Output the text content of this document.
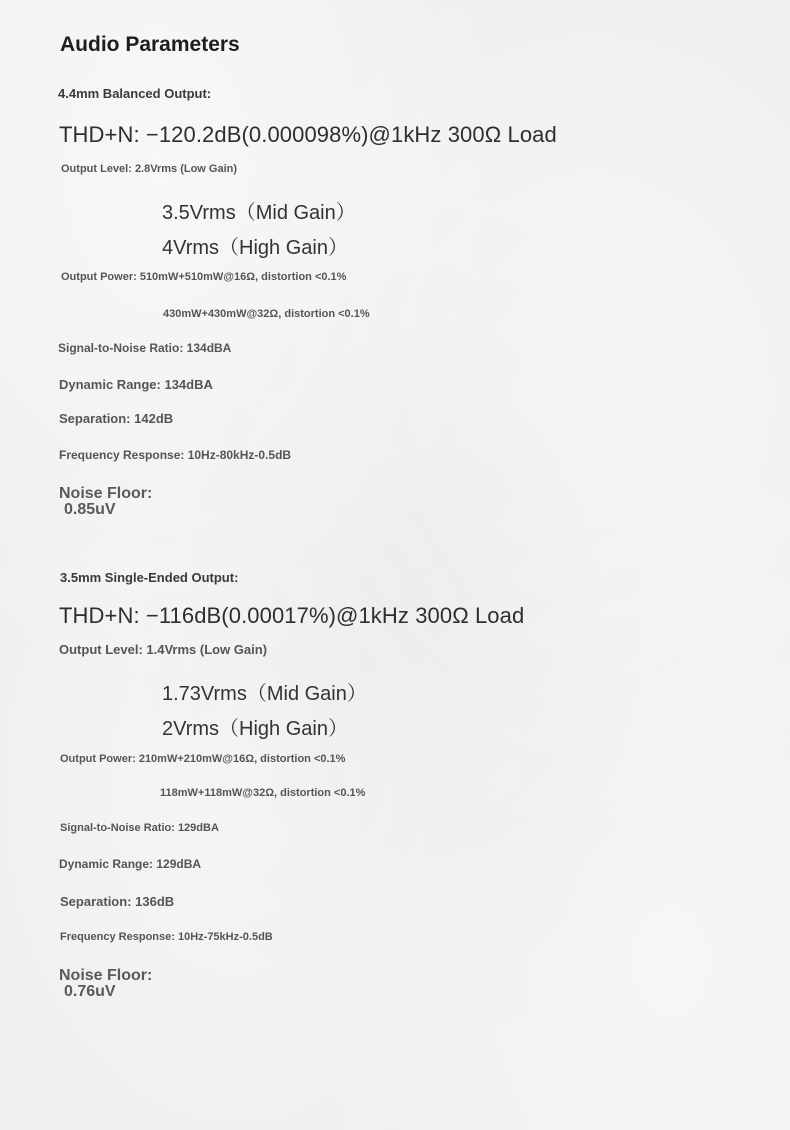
Audio Parameters
4.4mm Balanced Output:
THD+N: −120.2dB(0.000098%)@1kHz 300Ω Load
Output Level: 2.8Vrms (Low Gain)
3.5Vrms（Mid Gain）
4Vrms（High Gain）
Output Power: 510mW+510mW@16Ω, distortion <0.1%
430mW+430mW@32Ω, distortion <0.1%
Signal-to-Noise Ratio: 134dBA
Dynamic Range: 134dBA
Separation: 142dB
Frequency Response: 10Hz-80kHz-0.5dB
Noise Floor:
0.85uV
3.5mm Single-Ended Output:
THD+N: −116dB(0.00017%)@1kHz 300Ω Load
Output Level: 1.4Vrms (Low Gain)
1.73Vrms（Mid Gain）
2Vrms（High Gain）
Output Power: 210mW+210mW@16Ω, distortion <0.1%
118mW+118mW@32Ω, distortion <0.1%
Signal-to-Noise Ratio: 129dBA
Dynamic Range: 129dBA
Separation: 136dB
Frequency Response: 10Hz-75kHz-0.5dB
Noise Floor:
0.76uV
